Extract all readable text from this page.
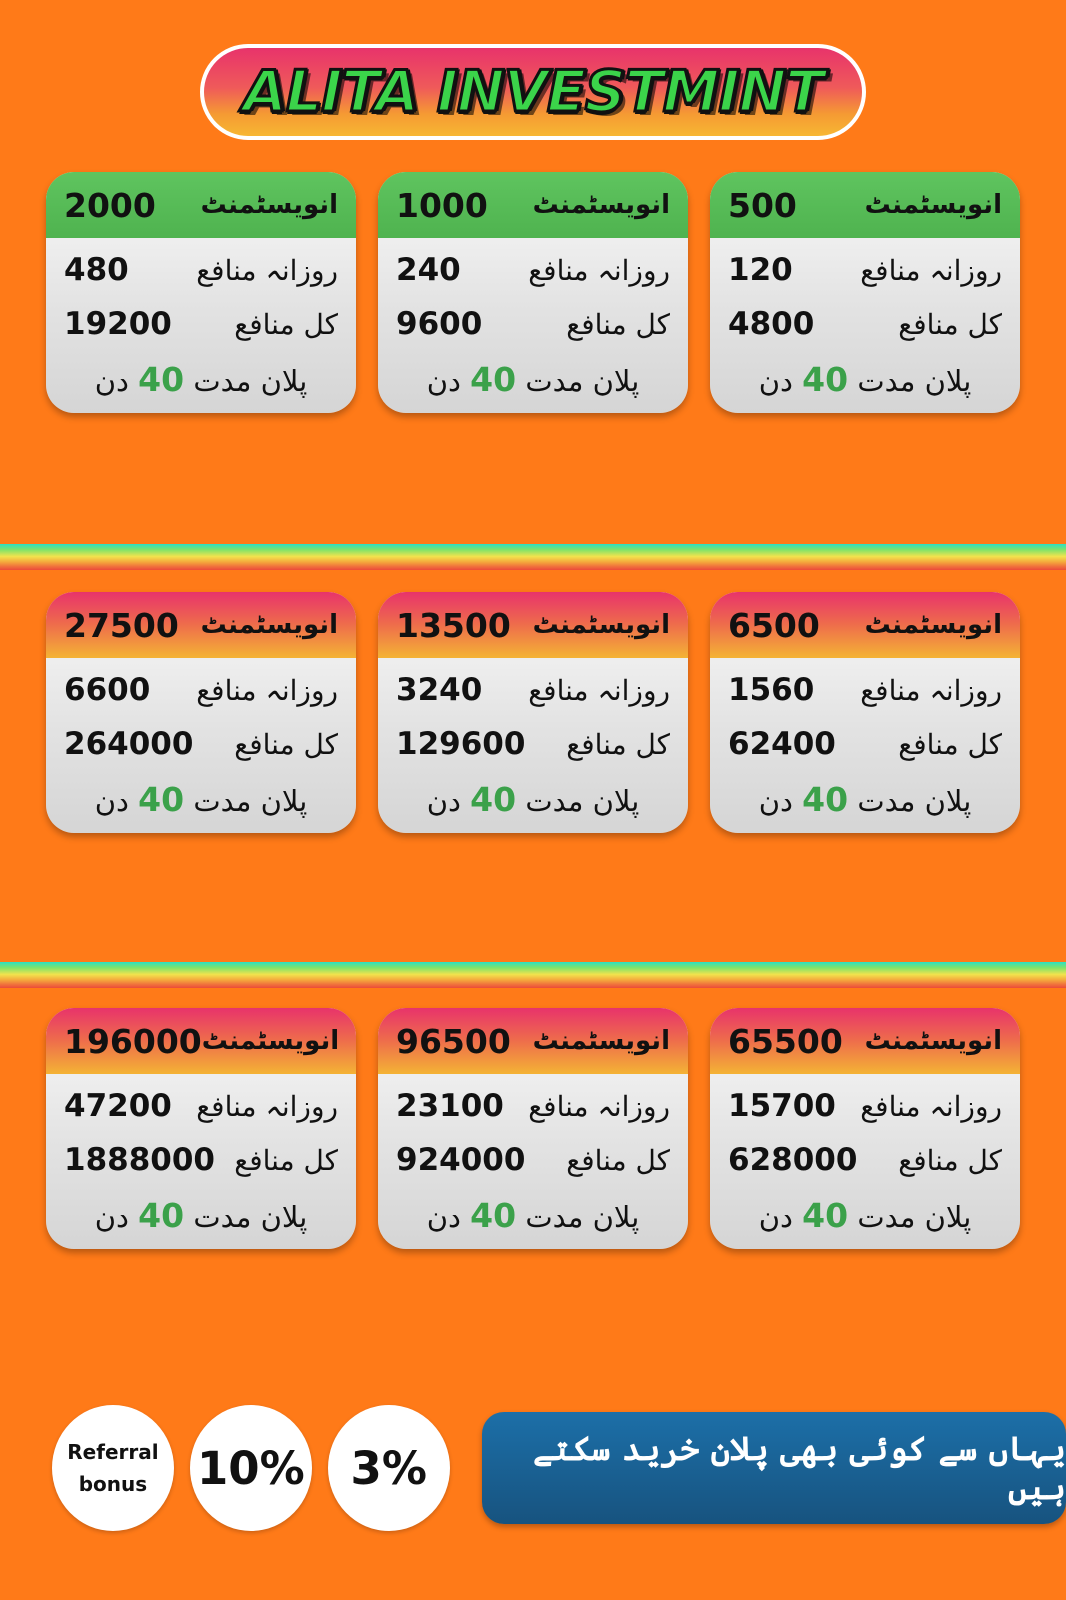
ALITA INVESTMINT
2000 انویسٹمنٹ
480 روزانہ منافع
19200 کل منافع
پلان مدت 40 دن
1000 انویسٹمنٹ
240 روزانہ منافع
9600	کل منافع
پلان مدت 40 دن
500	انویسٹمنٹ
120 روزانہ منافع
4800	کل منافع
پلان مدت 40 دن
27500 انویسٹمنٹ
6600 روزانہ منافع
264000 کل منافع
پلان مدت 40 دن
13500 انویسٹمنٹ
3240 روزانہ منافع
129600 کل منافع
پلان مدت 40 دن
6500 انویسٹمنٹ
1560 روزانہ منافع
62400 کل منافع
پلان مدت 40 دن
196000 انویسٹمنٹ
47200 روزانہ منافع
1888000 کل منافع
پلان مدت 40 دن
96500 انویسٹمنٹ
23100 روزانہ منافع
924000 کل منافع
پلان مدت 40 دن
65500 انویسٹمنٹ
15700 روزانہ منافع
628000 کل منافع
پلان مدت 40 دن
Referral
bonus 10% 3%	یہاں سے کوئی بھی پلان خرید سکتے ہیں
